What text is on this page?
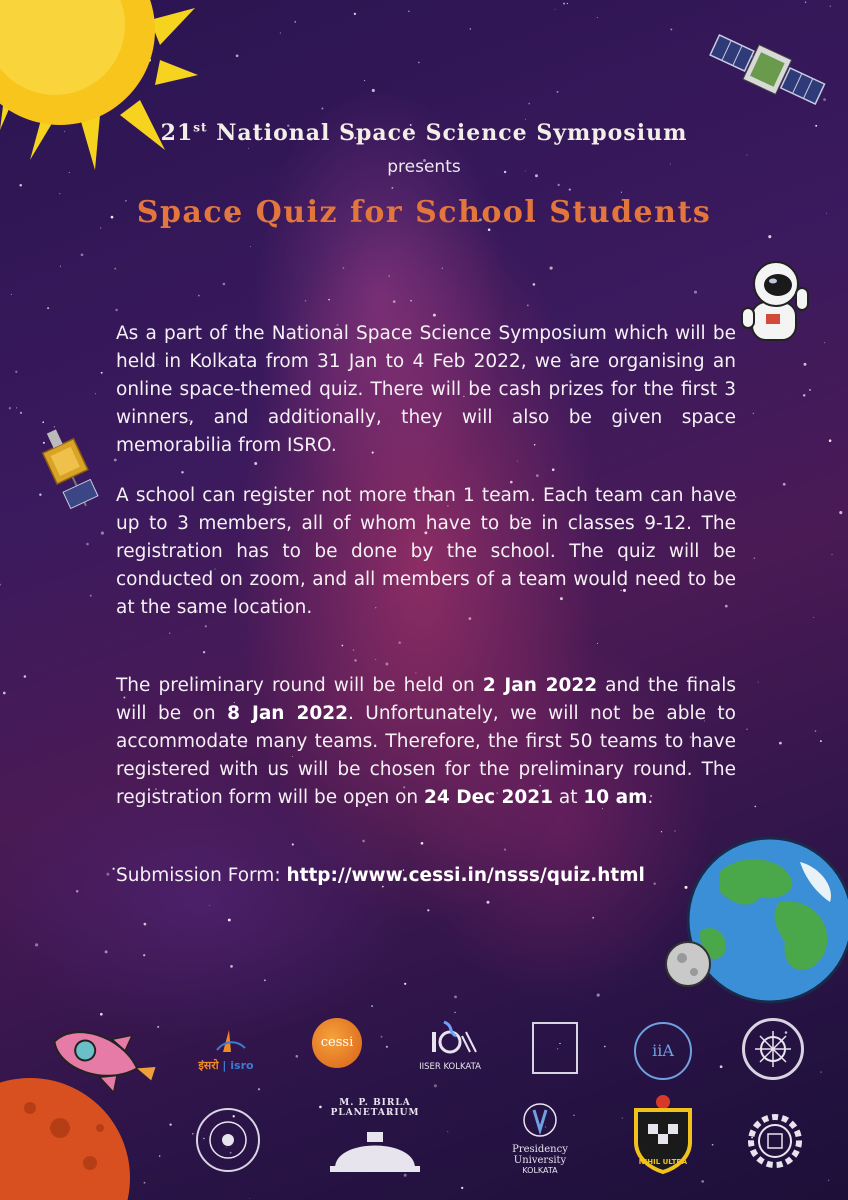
21st National Space Science Symposium
presents
Space Quiz for School Students
As a part of the National Space Science Symposium which will be held in Kolkata from 31 Jan to 4 Feb 2022, we are organising an online space-themed quiz. There will be cash prizes for the first 3 winners, and additionally, they will also be given space memorabilia from ISRO.
A school can register not more than 1 team. Each team can have up to 3 members, all of whom have to be in classes 9-12. The registration has to be done by the school. The quiz will be conducted on zoom, and all members of a team would need to be at the same location.
The preliminary round will be held on 2 Jan 2022 and the finals will be on 8 Jan 2022. Unfortunately, we will not be able to accommodate many teams. Therefore, the first 50 teams to have registered with us will be chosen for the preliminary round. The registration form will be open on 24 Dec 2021 at 10 am.
Submission Form: http://www.cessi.in/nsss/quiz.html
इसरो | isro
cessi
IISER KOLKATA
iiA
M. P. BIRLA PLANETARIUM
Presidency University
KOLKATA
NIHIL ULTRA
